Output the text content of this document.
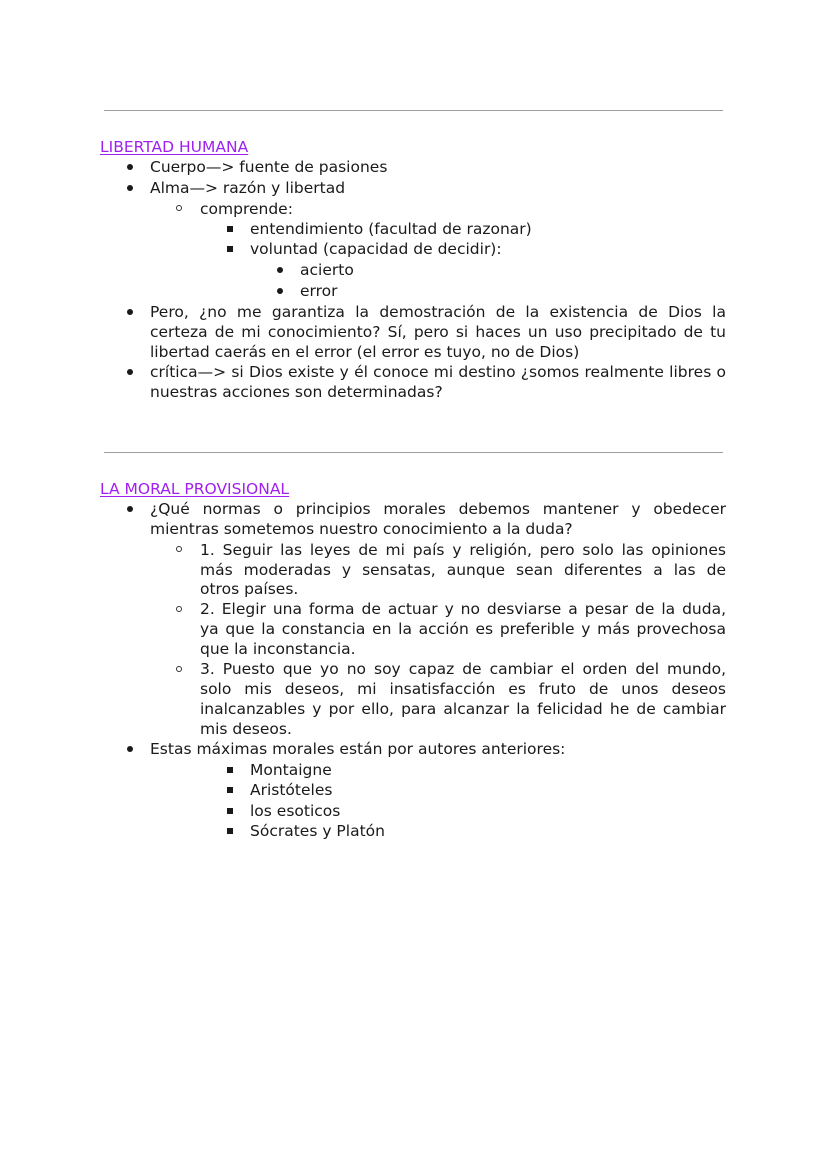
LIBERTAD HUMANA
Cuerpo—> fuente de pasiones
Alma—> razón y libertad
comprende:
entendimiento (facultad de razonar)
voluntad (capacidad de decidir):
acierto
error
Pero, ¿no me garantiza la demostración de la existencia de Dios la
certeza de mi conocimiento? Sí, pero si haces un uso precipitado de tu
libertad caerás en el error (el error es tuyo, no de Dios)
crítica—> si Dios existe y él conoce mi destino ¿somos realmente libres o
nuestras acciones son determinadas?
LA MORAL PROVISIONAL
¿Qué normas o principios morales debemos mantener y obedecer
mientras sometemos nuestro conocimiento a la duda?
1. Seguir las leyes de mi país y religión, pero solo las opiniones
más moderadas y sensatas, aunque sean diferentes a las de
otros países.
2. Elegir una forma de actuar y no desviarse a pesar de la duda,
ya que la constancia en la acción es preferible y más provechosa
que la inconstancia.
3. Puesto que yo no soy capaz de cambiar el orden del mundo,
solo mis deseos, mi insatisfacción es fruto de unos deseos
inalcanzables y por ello, para alcanzar la felicidad he de cambiar
mis deseos.
Estas máximas morales están por autores anteriores:
Montaigne
Aristóteles
los esoticos
Sócrates y Platón
